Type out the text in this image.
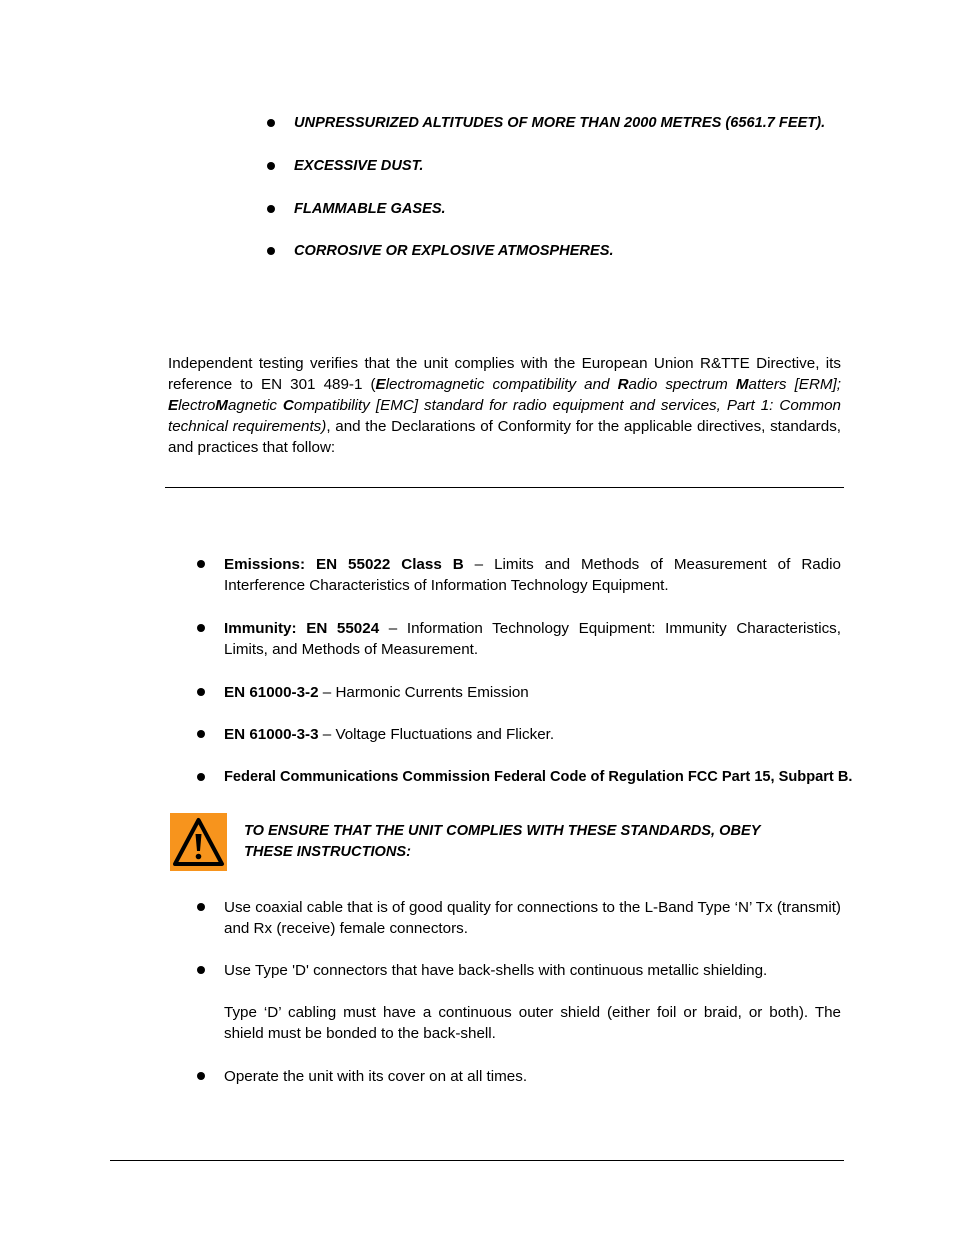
UNPRESSURIZED ALTITUDES OF MORE THAN 2000 METRES (6561.7 FEET).
EXCESSIVE DUST.
FLAMMABLE GASES.
CORROSIVE OR EXPLOSIVE ATMOSPHERES.
Independent testing verifies that the unit complies with the European Union R&TTE Directive, its reference to EN 301 489-1 (Electromagnetic compatibility and Radio spectrum Matters [ERM]; ElectroMagnetic Compatibility [EMC] standard for radio equipment and services, Part 1: Common technical requirements), and the Declarations of Conformity for the applicable directives, standards, and practices that follow:
Emissions: EN 55022 Class B – Limits and Methods of Measurement of Radio Interference Characteristics of Information Technology Equipment.
Immunity: EN 55024 – Information Technology Equipment: Immunity Characteristics, Limits, and Methods of Measurement.
EN 61000-3-2 – Harmonic Currents Emission
EN 61000-3-3 – Voltage Fluctuations and Flicker.
Federal Communications Commission Federal Code of Regulation FCC Part 15, Subpart B.
TO ENSURE THAT THE UNIT COMPLIES WITH THESE STANDARDS, OBEY THESE INSTRUCTIONS:
Use coaxial cable that is of good quality for connections to the L-Band Type ‘N’ Tx (transmit) and Rx (receive) female connectors.
Use Type 'D' connectors that have back-shells with continuous metallic shielding.
Type ‘D’ cabling must have a continuous outer shield (either foil or braid, or both). The shield must be bonded to the back-shell.
Operate the unit with its cover on at all times.
